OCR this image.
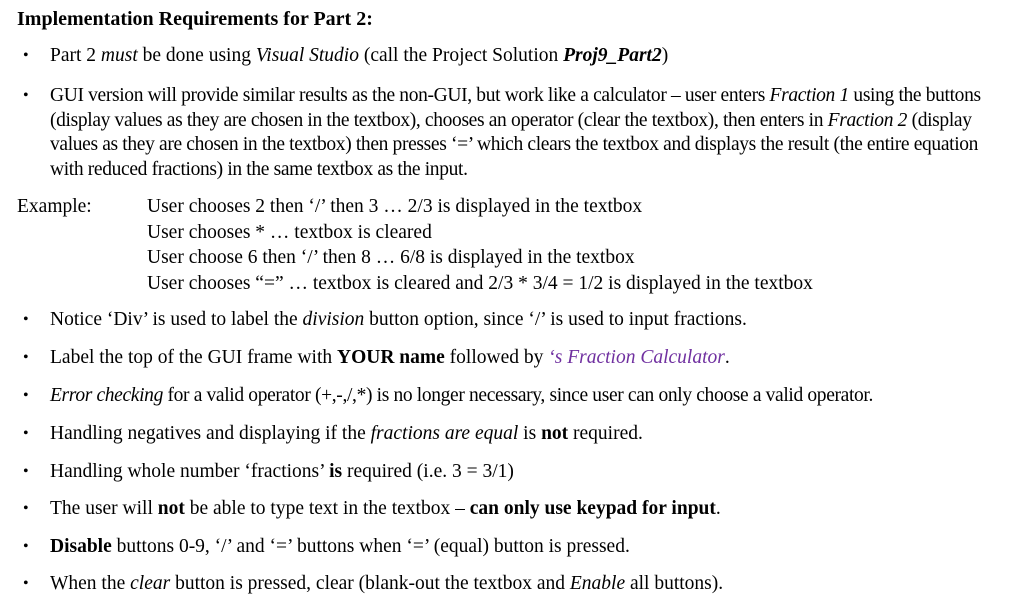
Implementation Requirements for Part 2:
• Part 2 must be done using Visual Studio (call the Project Solution Proj9_Part2)
• GUI version will provide similar results as the non-GUI, but work like a calculator – user enters Fraction 1 using the buttons (display values as they are chosen in the textbox), chooses an operator (clear the textbox), then enters in Fraction 2 (display values as they are chosen in the textbox) then presses ‘=’ which clears the textbox and displays the result (the entire equation with reduced fractions) in the same textbox as the input.
Example:	User chooses 2 then ‘/’ then 3 … 2/3 is displayed in the textbox
User chooses * … textbox is cleared
User choose 6 then ‘/’ then 8 … 6/8 is displayed in the textbox
User chooses “=” … textbox is cleared and 2/3 * 3/4 = 1/2 is displayed in the textbox
• Notice ‘Div’ is used to label the division button option, since ‘/’ is used to input fractions.
• Label the top of the GUI frame with YOUR name followed by ‘s Fraction Calculator.
• Error checking for a valid operator (+,-,/,*) is no longer necessary, since user can only choose a valid operator.
• Handling negatives and displaying if the fractions are equal is not required.
• Handling whole number ‘fractions’ is required (i.e. 3 = 3/1)
• The user will not be able to type text in the textbox – can only use keypad for input.
• Disable buttons 0-9, ‘/’ and ‘=’ buttons when ‘=’ (equal) button is pressed.
• When the clear button is pressed, clear (blank-out the textbox and Enable all buttons).
